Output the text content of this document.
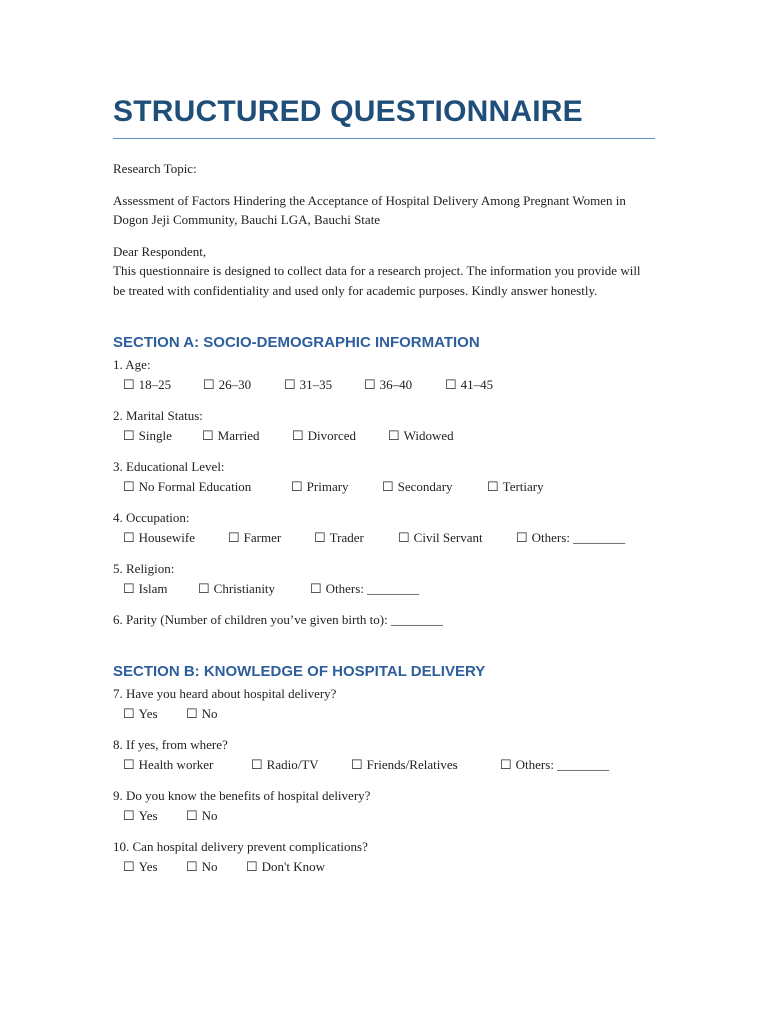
STRUCTURED QUESTIONNAIRE

Research Topic:

Assessment of Factors Hindering the Acceptance of Hospital Delivery Among Pregnant Women in Dogon Jeji Community, Bauchi LGA, Bauchi State

Dear Respondent,

This questionnaire is designed to collect data for a research project. The information you provide will be treated with confidentiality and used only for academic purposes. Kindly answer honestly.

SECTION A: SOCIO-DEMOGRAPHIC INFORMATION

1. Age:

☐ 18–25 ☐ 26–30	☐ 31–35 ☐ 36–40	☐ 41–45

2. Marital Status:

☐ Single ☐ Married ☐ Divorced ☐ Widowed

3. Educational Level:

☐ No Formal Education	☐ Primary	☐ Secondary	☐ Tertiary

4. Occupation:

☐ Housewife	☐ Farmer	☐ Trader	☐ Civil Servant	☐ Others: ________

5. Religion:

☐ Islam ☐ Christianity	☐ Others: ________

6. Parity (Number of children you’ve given birth to): ________

SECTION B: KNOWLEDGE OF HOSPITAL DELIVERY

7. Have you heard about hospital delivery?

☐ Yes ☐ No

8. If yes, from where?

☐ Health worker	☐ Radio/TV ☐ Friends/Relatives	☐ Others: ________

9. Do you know the benefits of hospital delivery?

☐ Yes ☐ No

10. Can hospital delivery prevent complications?

☐ Yes ☐ No ☐ Don't Know
